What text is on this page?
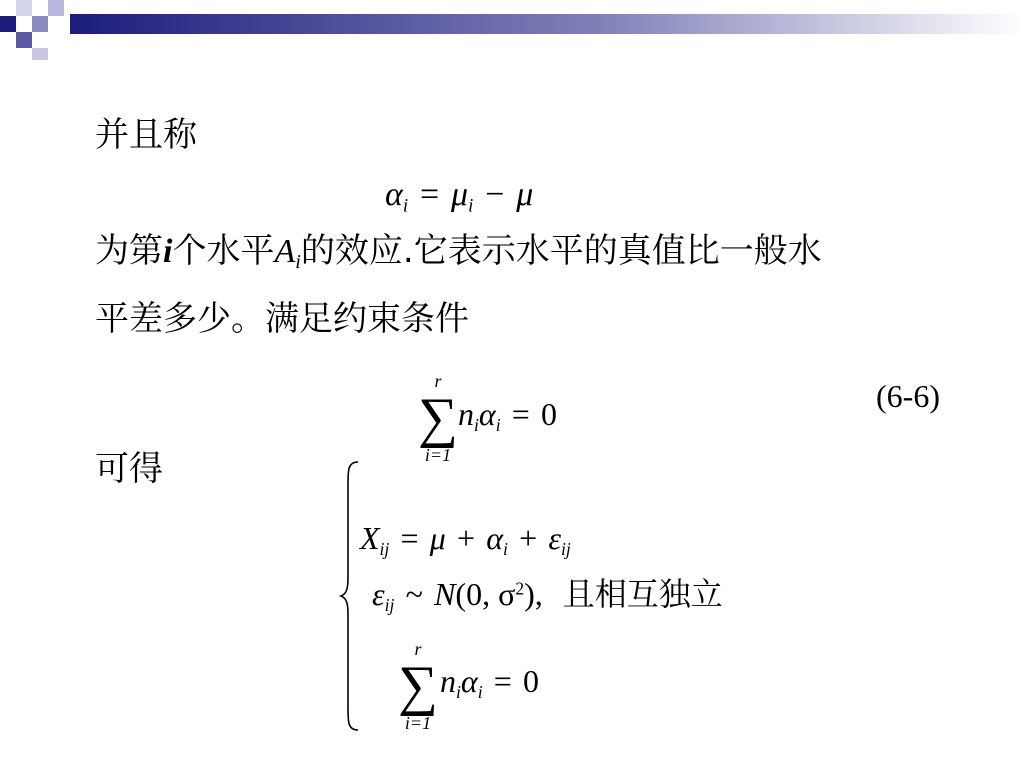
并且称
$\alpha_i = \mu_i - \mu$
为第i个水平Ai的效应.它表示水平的真值比一般水
平差多少。满足约束条件
r
∑
i=1
$n_i\alpha_i = 0$	(6-6)
可得
$X_{ij} = \mu + \alpha_i + \varepsilon_{ij}$
$\varepsilon_{ij}$ ~ N(0, $\sigma^2$), 且相互独立
r
∑
i=1
$n_i\alpha_i = 0$
